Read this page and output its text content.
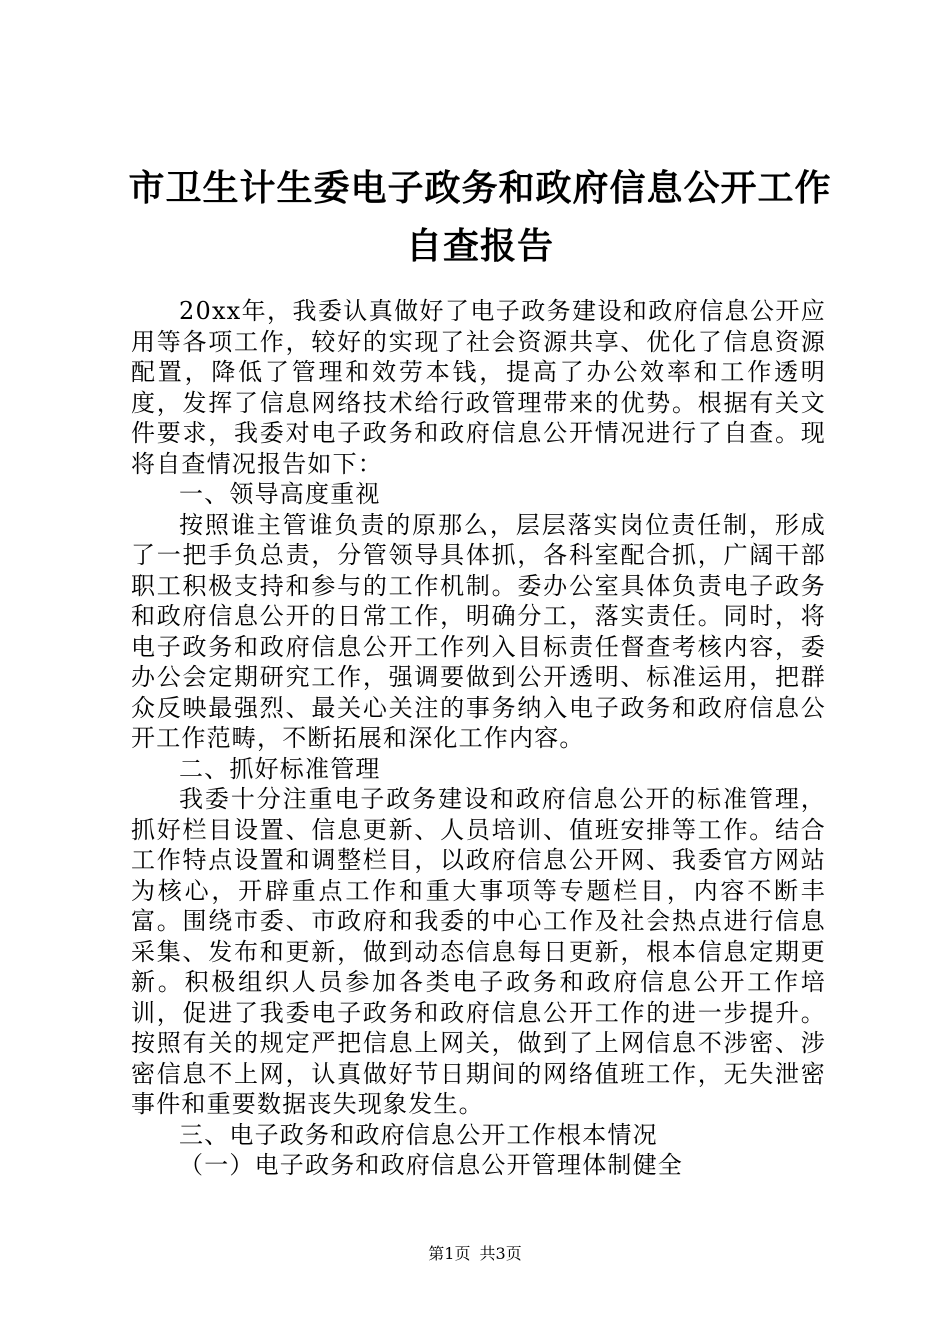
市卫生计生委电子政务和政府信息公开工作自查报告

20xx年，我委认真做好了电子政务建设和政府信息公开应用等各项工作，较好的实现了社会资源共享、优化了信息资源配置，降低了管理和效劳本钱，提高了办公效率和工作透明度，发挥了信息网络技术给行政管理带来的优势。根据有关文件要求，我委对电子政务和政府信息公开情况进行了自查。现将自查情况报告如下：

一、领导高度重视

按照谁主管谁负责的原那么，层层落实岗位责任制，形成了一把手负总责，分管领导具体抓，各科室配合抓，广阔干部职工积极支持和参与的工作机制。委办公室具体负责电子政务和政府信息公开的日常工作，明确分工，落实责任。同时，将电子政务和政府信息公开工作列入目标责任督查考核内容，委办公会定期研究工作，强调要做到公开透明、标准运用，把群众反映最强烈、最关心关注的事务纳入电子政务和政府信息公开工作范畴，不断拓展和深化工作内容。

二、抓好标准管理

我委十分注重电子政务建设和政府信息公开的标准管理，抓好栏目设置、信息更新、人员培训、值班安排等工作。结合工作特点设置和调整栏目，以政府信息公开网、我委官方网站为核心，开辟重点工作和重大事项等专题栏目，内容不断丰富。围绕市委、市政府和我委的中心工作及社会热点进行信息采集、发布和更新，做到动态信息每日更新，根本信息定期更新。积极组织人员参加各类电子政务和政府信息公开工作培训，促进了我委电子政务和政府信息公开工作的进一步提升。按照有关的规定严把信息上网关，做到了上网信息不涉密、涉密信息不上网，认真做好节日期间的网络值班工作，无失泄密事件和重要数据丧失现象发生。

三、电子政务和政府信息公开工作根本情况

（一）电子政务和政府信息公开管理体制健全

第1页 共3页
